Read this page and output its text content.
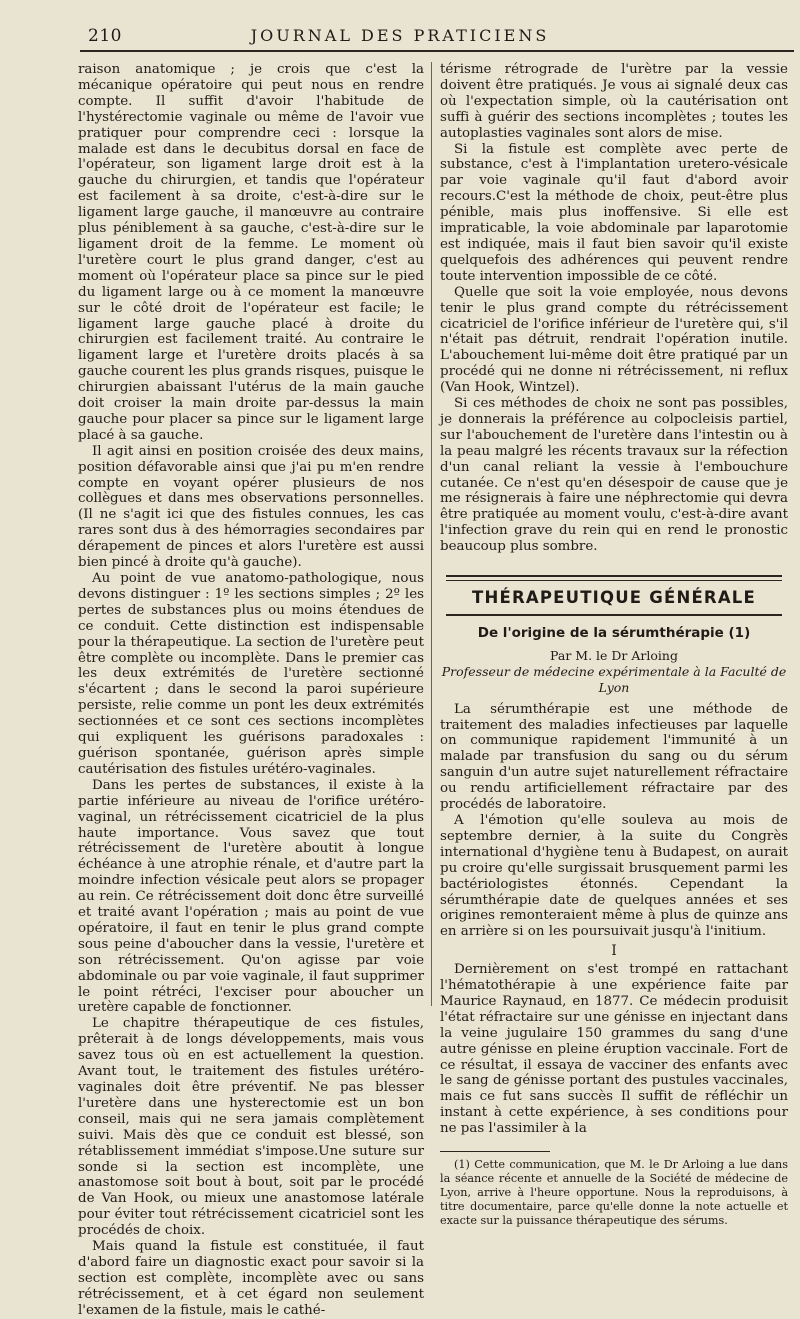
210	JOURNAL DES PRATICIENS

raison anatomique ; je crois que c'est la mécanique opératoire qui peut nous en rendre compte. Il suffit d'avoir l'habitude de l'hystérectomie vaginale ou même de l'avoir vue pratiquer pour comprendre ceci : lorsque la malade est dans le decubitus dorsal en face de l'opérateur, son ligament large droit est à la gauche du chirurgien, et tandis que l'opérateur est facilement à sa droite, c'est-à-dire sur le ligament large gauche, il manœuvre au contraire plus péniblement à sa gauche, c'est-à-dire sur le ligament droit de la femme. Le moment où l'uretère court le plus grand danger, c'est au moment où l'opérateur place sa pince sur le pied du ligament large ou à ce moment la manœuvre sur le côté droit de l'opérateur est facile; le ligament large gauche placé à droite du chirurgien est facilement traité. Au contraire le ligament large et l'uretère droits placés à sa gauche courent les plus grands risques, puisque le chirurgien abaissant l'utérus de la main gauche doit croiser la main droite par-dessus la main gauche pour placer sa pince sur le ligament large placé à sa gauche.

Il agit ainsi en position croisée des deux mains, position défavorable ainsi que j'ai pu m'en rendre compte en voyant opérer plusieurs de nos collègues et dans mes observations personnelles. (Il ne s'agit ici que des fistules connues, les cas rares sont dus à des hémorragies secondaires par dérapement de pinces et alors l'uretère est aussi bien pincé à droite qu'à gauche).

Au point de vue anatomo-pathologique, nous devons distinguer : 1º les sections simples ; 2º les pertes de substances plus ou moins étendues de ce conduit. Cette distinction est indispensable pour la thérapeutique. La section de l'uretère peut être complète ou incomplète. Dans le premier cas les deux extrémités de l'uretère sectionné s'écartent ; dans le second la paroi supérieure persiste, relie comme un pont les deux extrémités sectionnées et ce sont ces sections incomplètes qui expliquent les guérisons paradoxales : guérison spontanée, guérison après simple cautérisation des fistules urétéro-vaginales.

Dans les pertes de substances, il existe à la partie inférieure au niveau de l'orifice urétéro-vaginal, un rétrécissement cicatriciel de la plus haute importance. Vous savez que tout rétrécissement de l'uretère aboutit à longue échéance à une atrophie rénale, et d'autre part la moindre infection vésicale peut alors se propager au rein. Ce rétrécissement doit donc être surveillé et traité avant l'opération ; mais au point de vue opératoire, il faut en tenir le plus grand compte sous peine d'aboucher dans la vessie, l'uretère et son rétrécissement. Qu'on agisse par voie abdominale ou par voie vaginale, il faut supprimer le point rétréci, l'exciser pour aboucher un uretère capable de fonctionner.

Le chapitre thérapeutique de ces fistules, prêterait à de longs développements, mais vous savez tous où en est actuellement la question. Avant tout, le traitement des fistules urétéro-vaginales doit être préventif. Ne pas blesser l'uretère dans une hysterectomie est un bon conseil, mais qui ne sera jamais complètement suivi. Mais dès que ce conduit est blessé, son rétablissement immédiat s'impose.Une suture sur sonde si la section est incomplète, une anastomose soit bout à bout, soit par le procédé de Van Hook, ou mieux une anastomose latérale pour éviter tout rétrécissement cicatriciel sont les procédés de choix.

Mais quand la fistule est constituée, il faut d'abord faire un diagnostic exact pour savoir si la section est complète, incomplète avec ou sans rétrécissement, et à cet égard non seulement l'examen de la fistule, mais le cathé-

térisme rétrograde de l'urètre par la vessie doivent être pratiqués. Je vous ai signalé deux cas où l'expectation simple, où la cautérisation ont suffi à guérir des sections incomplètes ; toutes les autoplasties vaginales sont alors de mise.

Si la fistule est complète avec perte de substance, c'est à l'implantation uretero-vésicale par voie vaginale qu'il faut d'abord avoir recours.C'est la méthode de choix, peut-être plus pénible, mais plus inoffensive. Si elle est impraticable, la voie abdominale par laparotomie est indiquée, mais il faut bien savoir qu'il existe quelquefois des adhérences qui peuvent rendre toute intervention impossible de ce côté.

Quelle que soit la voie employée, nous devons tenir le plus grand compte du rétrécissement cicatriciel de l'orifice inférieur de l'uretère qui, s'il n'était pas détruit, rendrait l'opération inutile. L'abouchement lui-même doit être pratiqué par un procédé qui ne donne ni rétrécissement, ni reflux (Van Hook, Wintzel).

Si ces méthodes de choix ne sont pas possibles, je donnerais la préférence au colpocleisis partiel, sur l'abouchement de l'uretère dans l'intestin ou à la peau malgré les récents travaux sur la réfection d'un canal reliant la vessie à l'embouchure cutanée. Ce n'est qu'en désespoir de cause que je me résignerais à faire une néphrectomie qui devra être pratiquée au moment voulu, c'est-à-dire avant l'infection grave du rein qui en rend le pronostic beaucoup plus sombre.

THÉRAPEUTIQUE GÉNÉRALE
De l'origine de la sérumthérapie (1)
Par M. le Dr Arloing
Professeur de médecine expérimentale à la Faculté de Lyon

La sérumthérapie est une méthode de traitement des maladies infectieuses par laquelle on communique rapidement l'immunité à un malade par transfusion du sang ou du sérum sanguin d'un autre sujet naturellement réfractaire ou rendu artificiellement réfractaire par des procédés de laboratoire.

A l'émotion qu'elle souleva au mois de septembre dernier, à la suite du Congrès international d'hygiène tenu à Budapest, on aurait pu croire qu'elle surgissait brusquement parmi les bactériologistes étonnés. Cependant la sérumthérapie date de quelques années et ses origines remonteraient même à plus de quinze ans en arrière si on les poursuivait jusqu'à l'initium.

I

Dernièrement on s'est trompé en rattachant l'hématothérapie à une expérience faite par Maurice Raynaud, en 1877. Ce médecin produisit l'état réfractaire sur une génisse en injectant dans la veine jugulaire 150 grammes du sang d'une autre génisse en pleine éruption vaccinale. Fort de ce résultat, il essaya de vacciner des enfants avec le sang de génisse portant des pustules vaccinales, mais ce fut sans succès Il suffit de réfléchir un instant à cette expérience, à ses conditions pour ne pas l'assimiler à la

(1) Cette communication, que M. le Dr Arloing a lue dans la séance récente et annuelle de la Société de médecine de Lyon, arrive à l'heure opportune. Nous la reproduisons, à titre documentaire, parce qu'elle donne la note actuelle et exacte sur la puissance thérapeutique des sérums.
